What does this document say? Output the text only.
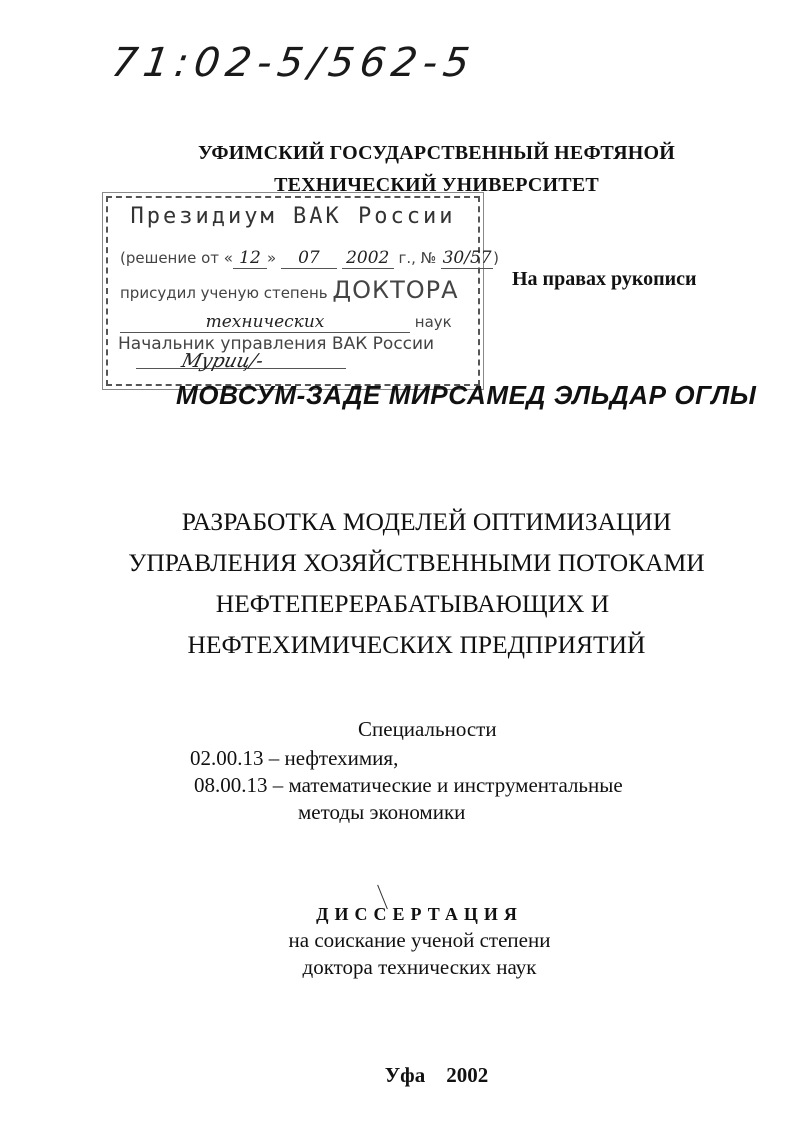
71:02-5/562-5
УФИМСКИЙ ГОСУДАРСТВЕННЫЙ НЕФТЯНОЙ
ТЕХНИЧЕСКИЙ УНИВЕРСИТЕТ
Президиум ВАК России
(решение от « 12 » 07 2002 г., № 30/57 )
присудил ученую степень ДОКТОРА
технических	наук
Начальник управления ВАК России
Муриц/-
На правах рукописи
МОВСУМ-ЗАДЕ МИРСАМЕД ЭЛЬДАР ОГЛЫ
РАЗРАБОТКА МОДЕЛЕЙ ОПТИМИЗАЦИИ
УПРАВЛЕНИЯ ХОЗЯЙСТВЕННЫМИ ПОТОКАМИ
НЕФТЕПЕРЕРАБАТЫВАЮЩИХ И
НЕФТЕХИМИЧЕСКИХ ПРЕДПРИЯТИЙ
Специальности
02.00.13 – нефтехимия,
08.00.13 – математические и инструментальные
методы экономики
ДИССЕРТАЦИЯ
на соискание ученой степени
доктора технических наук
Уфа    2002
